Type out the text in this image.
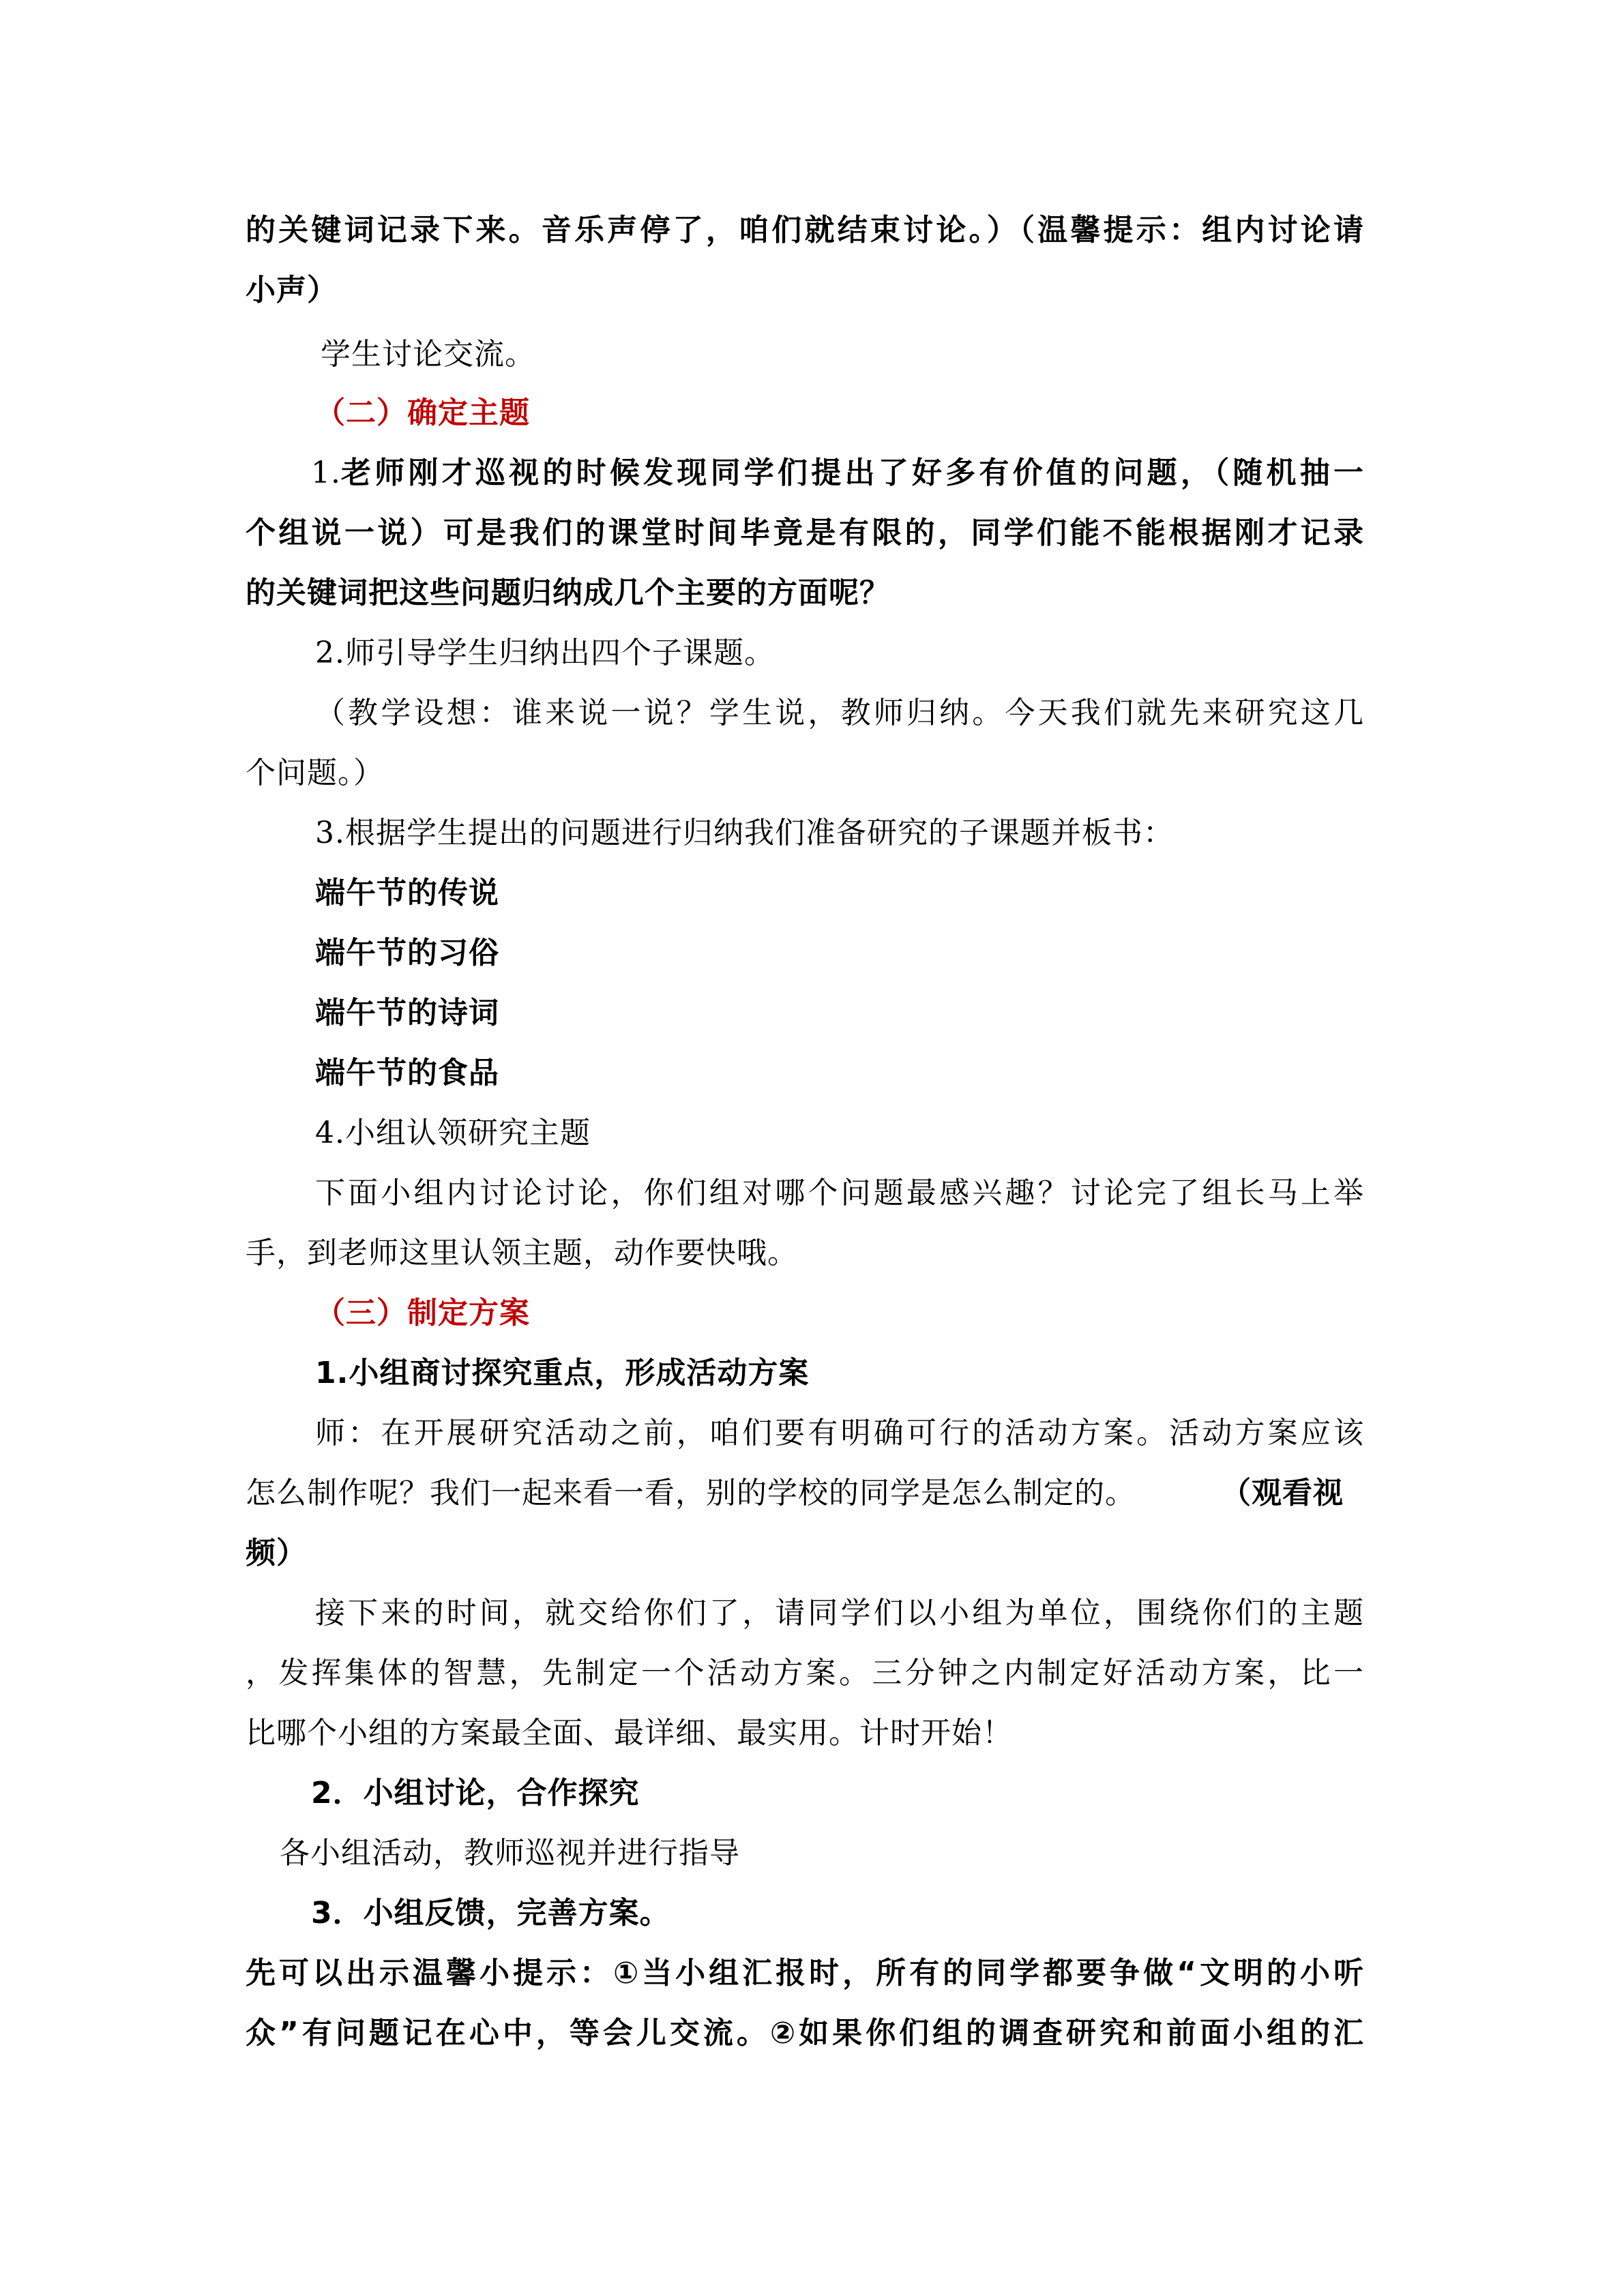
的关键词记录下来。音乐声停了，咱们就结束讨论。）（温馨提示：组内讨论请
小声）
学生讨论交流。
（二）确定主题
1. 老师刚才巡视的时候发现同学们提出了好多有价值的问题，（随机抽一
个组说一说）可是我们的课堂时间毕竟是有限的，同学们能不能根据刚才记录
的关键词把这些问题归纳成几个主要的方面呢？
2.师引导学生归纳出四个子课题。
（教学设想：谁来说一说？学生说，教师归纳。今天我们就先来研究这几
个问题。）
3.根据学生提出的问题进行归纳我们准备研究的子课题并板书：
端午节的传说
端午节的习俗
端午节的诗词
端午节的食品
4.小组认领研究主题
下面小组内讨论讨论，你们组对哪个问题最感兴趣？讨论完了组长马上举
手，到老师这里认领主题，动作要快哦。
（三）制定方案
1.小组商讨探究重点，形成活动方案
师：在开展研究活动之前，咱们要有明确可行的活动方案。活动方案应该
怎么制作呢？我们一起来看一看，别的学校的同学是怎么制定的。	（观看视
频）
接下来的时间，就交给你们了，请同学们以小组为单位，围绕你们的主题
，发挥集体的智慧，先制定一个活动方案。三分钟之内制定好活动方案，比一
比哪个小组的方案最全面、最详细、最实用。计时开始！
2．小组讨论，合作探究
各小组活动，教师巡视并进行指导
3．小组反馈，完善方案。
先可以出示温馨小提示：①当小组汇报时，所有的同学都要争做“文明的小听
众”有问题记在心中，等会儿交流。②如果你们组的调查研究和前面小组的汇
